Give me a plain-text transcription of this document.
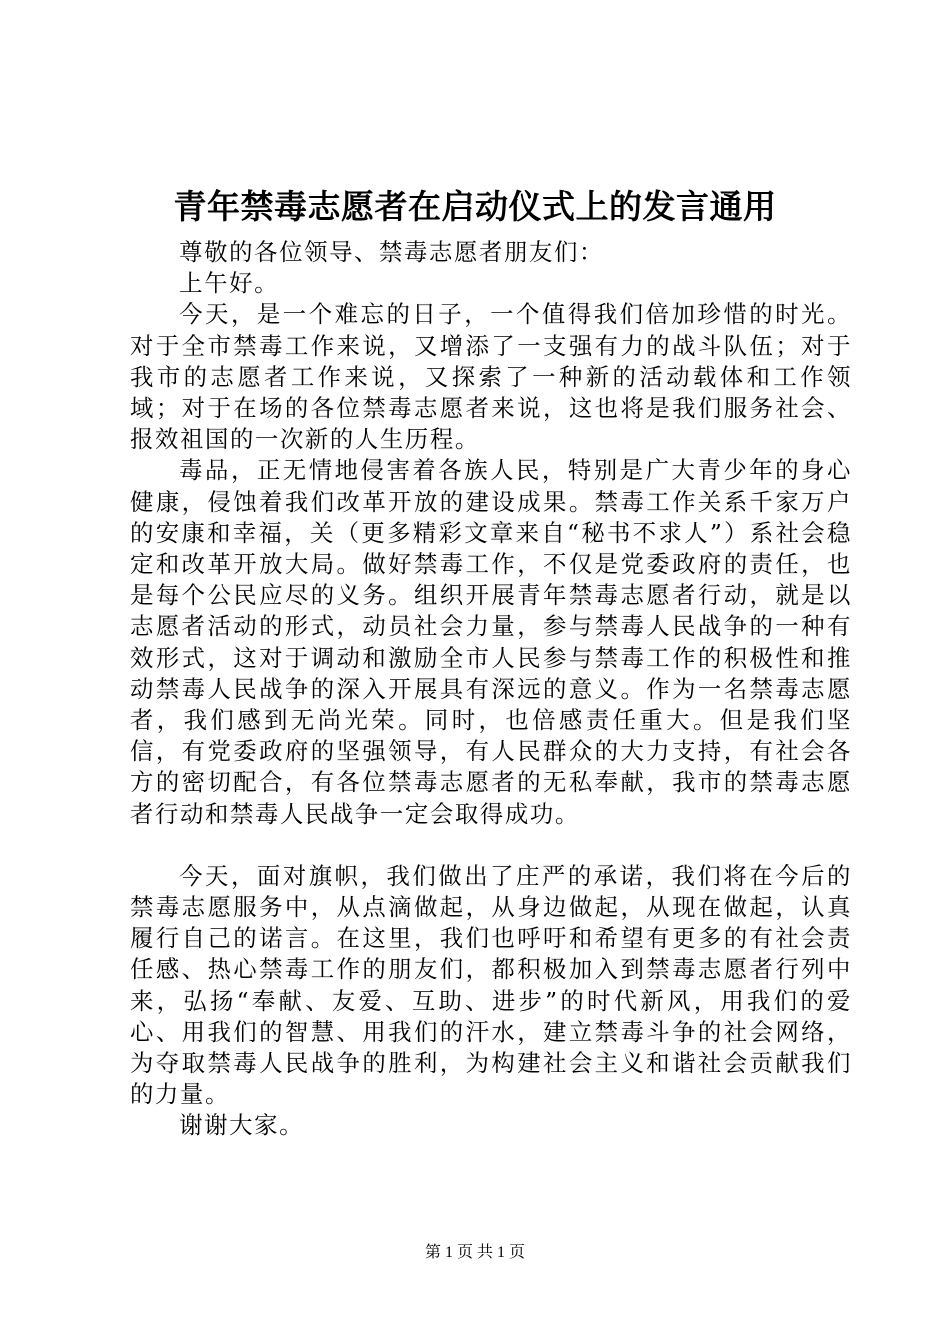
青年禁毒志愿者在启动仪式上的发言通用

尊敬的各位领导、禁毒志愿者朋友们：

上午好。

今天，是一个难忘的日子，一个值得我们倍加珍惜的时光。对于全市禁毒工作来说，又增添了一支强有力的战斗队伍；对于我市的志愿者工作来说，又探索了一种新的活动载体和工作领域；对于在场的各位禁毒志愿者来说，这也将是我们服务社会、报效祖国的一次新的人生历程。

毒品，正无情地侵害着各族人民，特别是广大青少年的身心健康，侵蚀着我们改革开放的建设成果。禁毒工作关系千家万户的安康和幸福，关（更多精彩文章来自“秘书不求人”）系社会稳定和改革开放大局。做好禁毒工作，不仅是党委政府的责任，也是每个公民应尽的义务。组织开展青年禁毒志愿者行动，就是以志愿者活动的形式，动员社会力量，参与禁毒人民战争的一种有效形式，这对于调动和激励全市人民参与禁毒工作的积极性和推动禁毒人民战争的深入开展具有深远的意义。作为一名禁毒志愿者，我们感到无尚光荣。同时，也倍感责任重大。但是我们坚信，有党委政府的坚强领导，有人民群众的大力支持，有社会各方的密切配合，有各位禁毒志愿者的无私奉献，我市的禁毒志愿者行动和禁毒人民战争一定会取得成功。

今天，面对旗帜，我们做出了庄严的承诺，我们将在今后的禁毒志愿服务中，从点滴做起，从身边做起，从现在做起，认真履行自己的诺言。在这里，我们也呼吁和希望有更多的有社会责任感、热心禁毒工作的朋友们，都积极加入到禁毒志愿者行列中来，弘扬“奉献、友爱、互助、进步”的时代新风，用我们的爱心、用我们的智慧、用我们的汗水，建立禁毒斗争的社会网络，为夺取禁毒人民战争的胜利，为构建社会主义和谐社会贡献我们的力量。

谢谢大家。

第 1 页 共 1 页
